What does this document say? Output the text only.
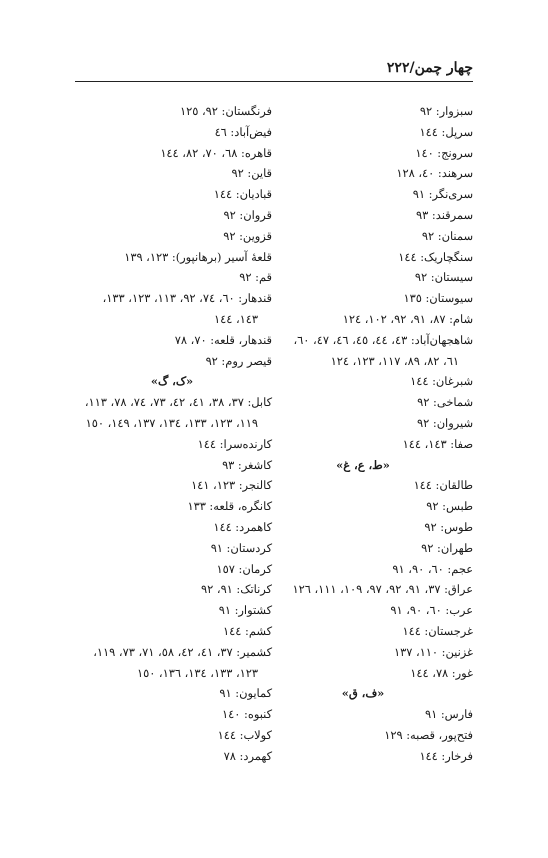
چهار چمن/۲۲۲
سبزوار: ۹۲
سرپل: ۱٤٤
سرونج: ۱٤٠
سرهند: ٤٠، ۱۲۸
سری‌نگر: ۹۱
سمرقند: ۹۳
سمنان: ۹۲
سنگچاریک: ۱٤٤
سیستان: ۹۲
سیوستان: ۱۳٥
شام: ۸۷، ۹۱، ۹۲، ۱٠۲، ۱۲٤
شاهجهان‌آباد: ٤۳، ٤٤، ٤٥، ٤٦، ٤۷، ٦٠،
٦۱، ۸۲، ۸۹، ۱۱۷، ۱۲۳، ۱۲٤
شبرغان: ۱٤٤
شماخی: ۹۲
شیروان: ۹۲
صفا: ۱٤۳، ۱٤٤
«ط، ع، غ»
طالقان: ۱٤٤
طبس: ۹۲
طوس: ۹۲
طهران: ۹۲
عجم: ٦٠، ۹٠، ۹۱
عراق: ۳۷، ۹۱، ۹۲، ۹۷، ۱٠۹، ۱۱۱، ۱۲٦
عرب: ٦٠، ۹٠، ۹۱
غرجستان: ۱٤٤
غزنین: ۱۱٠، ۱۳۷
غور: ۷۸، ۱٤٤
«ف، ق»
فارس: ۹۱
فتح‌پور، قصبه: ۱۲۹
فرخار: ۱٤٤
فرنگستان: ۹۲، ۱۲٥
فیض‌آباد: ٤٦
قاهره: ٦۸، ۷٠، ۸۲، ۱٤٤
قاین: ۹۲
قبادیان: ۱٤٤
قروان: ۹۲
قزوین: ۹۲
قلعهٔ آسیر (برهانپور): ۱۲۳، ۱۳۹
قم: ۹۲
قندهار: ٦٠، ۷٤، ۹۲، ۱۱۳، ۱۲۳، ۱۳۳،
۱٤۳، ۱٤٤
قندهار، قلعه: ۷٠، ۷۸
قیصر روم: ۹۲
«ک، گ»
کابل: ۳۷، ۳۸، ٤۱، ٤۲، ۷۳، ۷٤، ۷۸، ۱۱۳،
۱۱۹، ۱۲۳، ۱۳۳، ۱۳٤، ۱۳۷، ۱٤۹، ۱٥٠
کارنده‌سرا: ۱٤٤
کاشغر: ۹۳
کالنجر: ۱۲۳، ۱٤۱
کانگره، قلعه: ۱۳۳
کاهمرد: ۱٤٤
کردستان: ۹۱
کرمان: ۱٥۷
کرناتک: ۹۱، ۹۲
کشتوار: ۹۱
کشم: ۱٤٤
کشمیر: ۳۷، ٤۱، ٤۲، ٥۸، ۷۱، ۷۳، ۱۱۹،
۱۲۳، ۱۳۳، ۱۳٤، ۱۳٦، ۱٥٠
کمایون: ۹۱
کنبوه: ۱٤٠
کولاب: ۱٤٤
کهمرد: ۷۸
